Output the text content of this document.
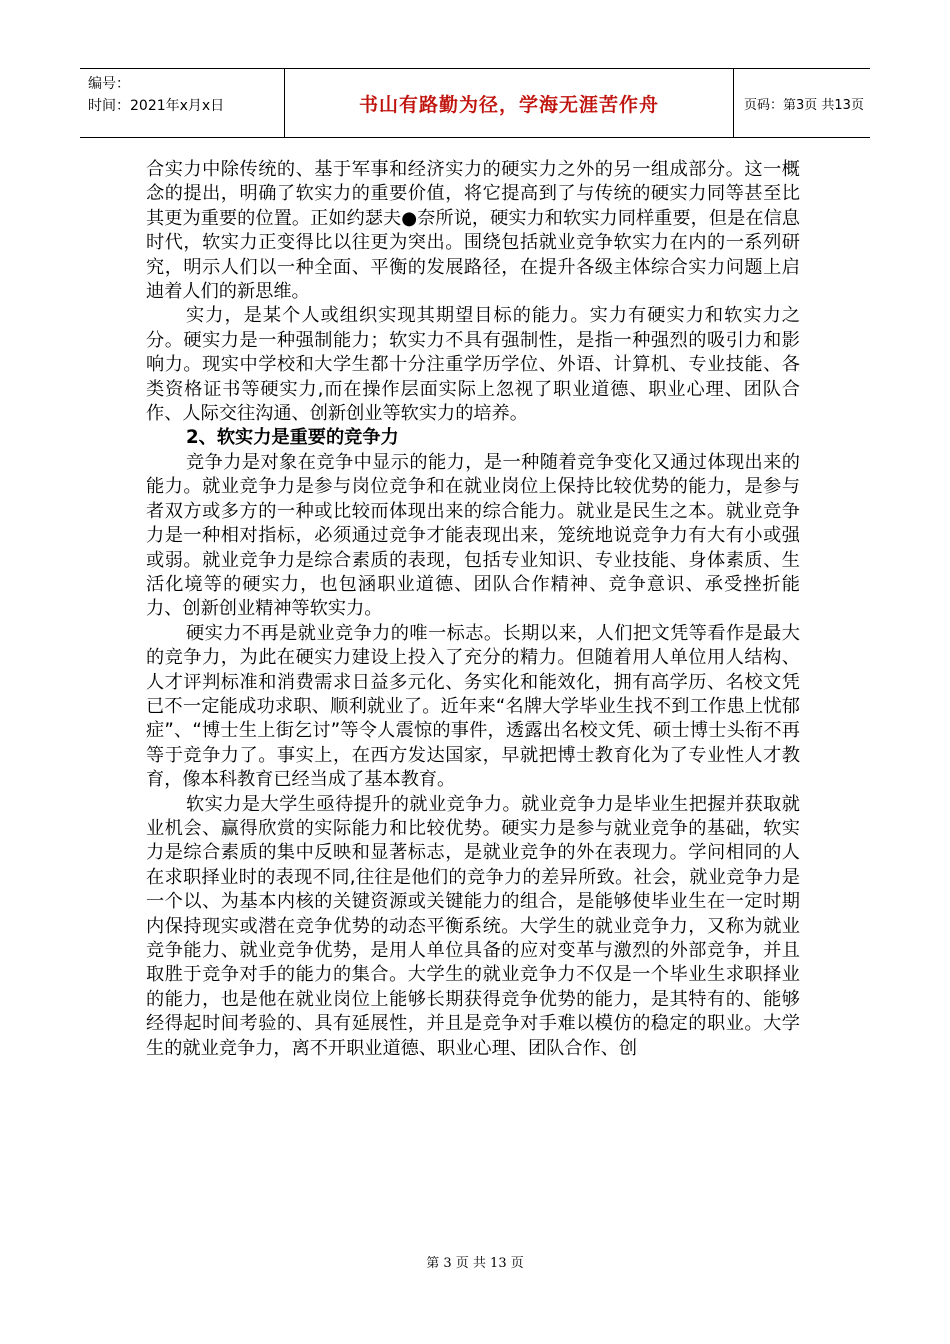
编号：
时间：2021年x月x日	书山有路勤为径，学海无涯苦作舟	页码：第3页 共13页

合实力中除传统的、基于军事和经济实力的硬实力之外的另一组成部分。这一概念的提出，明确了软实力的重要价值，将它提高到了与传统的硬实力同等甚至比其更为重要的位置。正如约瑟夫●奈所说，硬实力和软实力同样重要，但是在信息时代，软实力正变得比以往更为突出。围绕包括就业竞争软实力在内的一系列研究，明示人们以一种全面、平衡的发展路径，在提升各级主体综合实力问题上启迪着人们的新思维。

实力，是某个人或组织实现其期望目标的能力。实力有硬实力和软实力之分。硬实力是一种强制能力；软实力不具有强制性，是指一种强烈的吸引力和影响力。现实中学校和大学生都十分注重学历学位、外语、计算机、专业技能、各类资格证书等硬实力,而在操作层面实际上忽视了职业道德、职业心理、团队合作、人际交往沟通、创新创业等软实力的培养。

2、软实力是重要的竞争力

竞争力是对象在竞争中显示的能力，是一种随着竞争变化又通过体现出来的能力。就业竞争力是参与岗位竞争和在就业岗位上保持比较优势的能力，是参与者双方或多方的一种或比较而体现出来的综合能力。就业是民生之本。就业竞争力是一种相对指标，必须通过竞争才能表现出来，笼统地说竞争力有大有小或强或弱。就业竞争力是综合素质的表现，包括专业知识、专业技能、身体素质、生活化境等的硬实力，也包涵职业道德、团队合作精神、竞争意识、承受挫折能力、创新创业精神等软实力。

硬实力不再是就业竞争力的唯一标志。长期以来，人们把文凭等看作是最大的竞争力，为此在硬实力建设上投入了充分的精力。但随着用人单位用人结构、人才评判标准和消费需求日益多元化、务实化和能效化，拥有高学历、名校文凭已不一定能成功求职、顺利就业了。近年来“名牌大学毕业生找不到工作患上忧郁症”、“博士生上街乞讨”等令人震惊的事件，透露出名校文凭、硕士博士头衔不再等于竞争力了。事实上，在西方发达国家，早就把博士教育化为了专业性人才教育，像本科教育已经当成了基本教育。

软实力是大学生亟待提升的就业竞争力。就业竞争力是毕业生把握并获取就业机会、赢得欣赏的实际能力和比较优势。硬实力是参与就业竞争的基础，软实力是综合素质的集中反映和显著标志，是就业竞争的外在表现力。学问相同的人在求职择业时的表现不同,往往是他们的竞争力的差异所致。社会，就业竞争力是一个以、为基本内核的关键资源或关键能力的组合，是能够使毕业生在一定时期内保持现实或潜在竞争优势的动态平衡系统。大学生的就业竞争力，又称为就业竞争能力、就业竞争优势，是用人单位具备的应对变革与激烈的外部竞争，并且取胜于竞争对手的能力的集合。大学生的就业竞争力不仅是一个毕业生求职择业的能力，也是他在就业岗位上能够长期获得竞争优势的能力，是其特有的、能够经得起时间考验的、具有延展性，并且是竞争对手难以模仿的稳定的职业。大学生的就业竞争力，离不开职业道德、职业心理、团队合作、创

第 3 页 共 13 页
